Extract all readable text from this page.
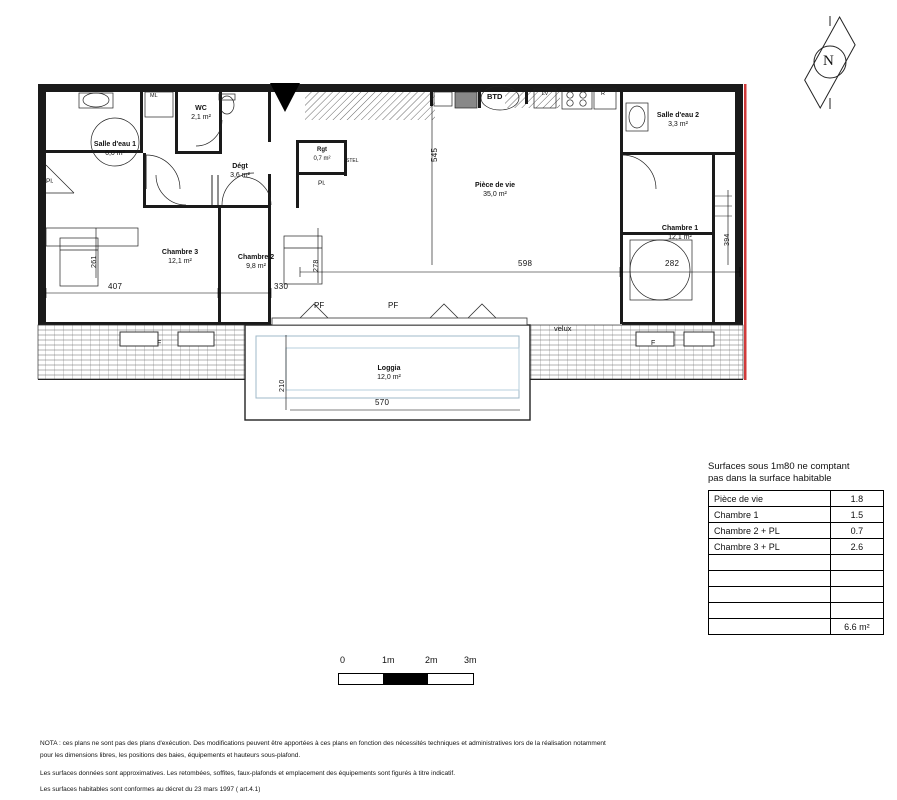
Salle d'eau 1
6,0 m²
WC
2,1 m²
Dégt
3,6 m²
Rgt
0,7 m²
Pièce de vie
35,0 m²
Salle d'eau 2
3,3 m²
Chambre 1
12,1 m²
Chambre 2
9,8 m²
Chambre 3
12,1 m²
Loggia
12,0 m²
Pl.	Pl.
ML	BTD	LV	R
STEL
PF	PF
velux
F	F
407	330
598	282
570
545
261	278
394
210
N
Surfaces sous 1m80 ne comptant
pas dans la surface habitable
Pièce de vie	1.8
Chambre 1	1.5
Chambre 2 + PL	0.7
Chambre 3 + PL	2.6

	6.6 m²
0	1m	2m	3m
NOTA : ces plans ne sont pas des plans d'exécution. Des modifications peuvent être apportées à ces plans en fonction des nécessités techniques et administratives lors de la réalisation notamment
pour les dimensions libres, les positions des baies, équipements et hauteurs sous-plafond.
Les surfaces données sont approximatives. Les retombées, soffites, faux-plafonds et emplacement des équipements sont figurés à titre indicatif.
Les surfaces habitables sont conformes au décret du 23 mars 1997 ( art.4.1)
